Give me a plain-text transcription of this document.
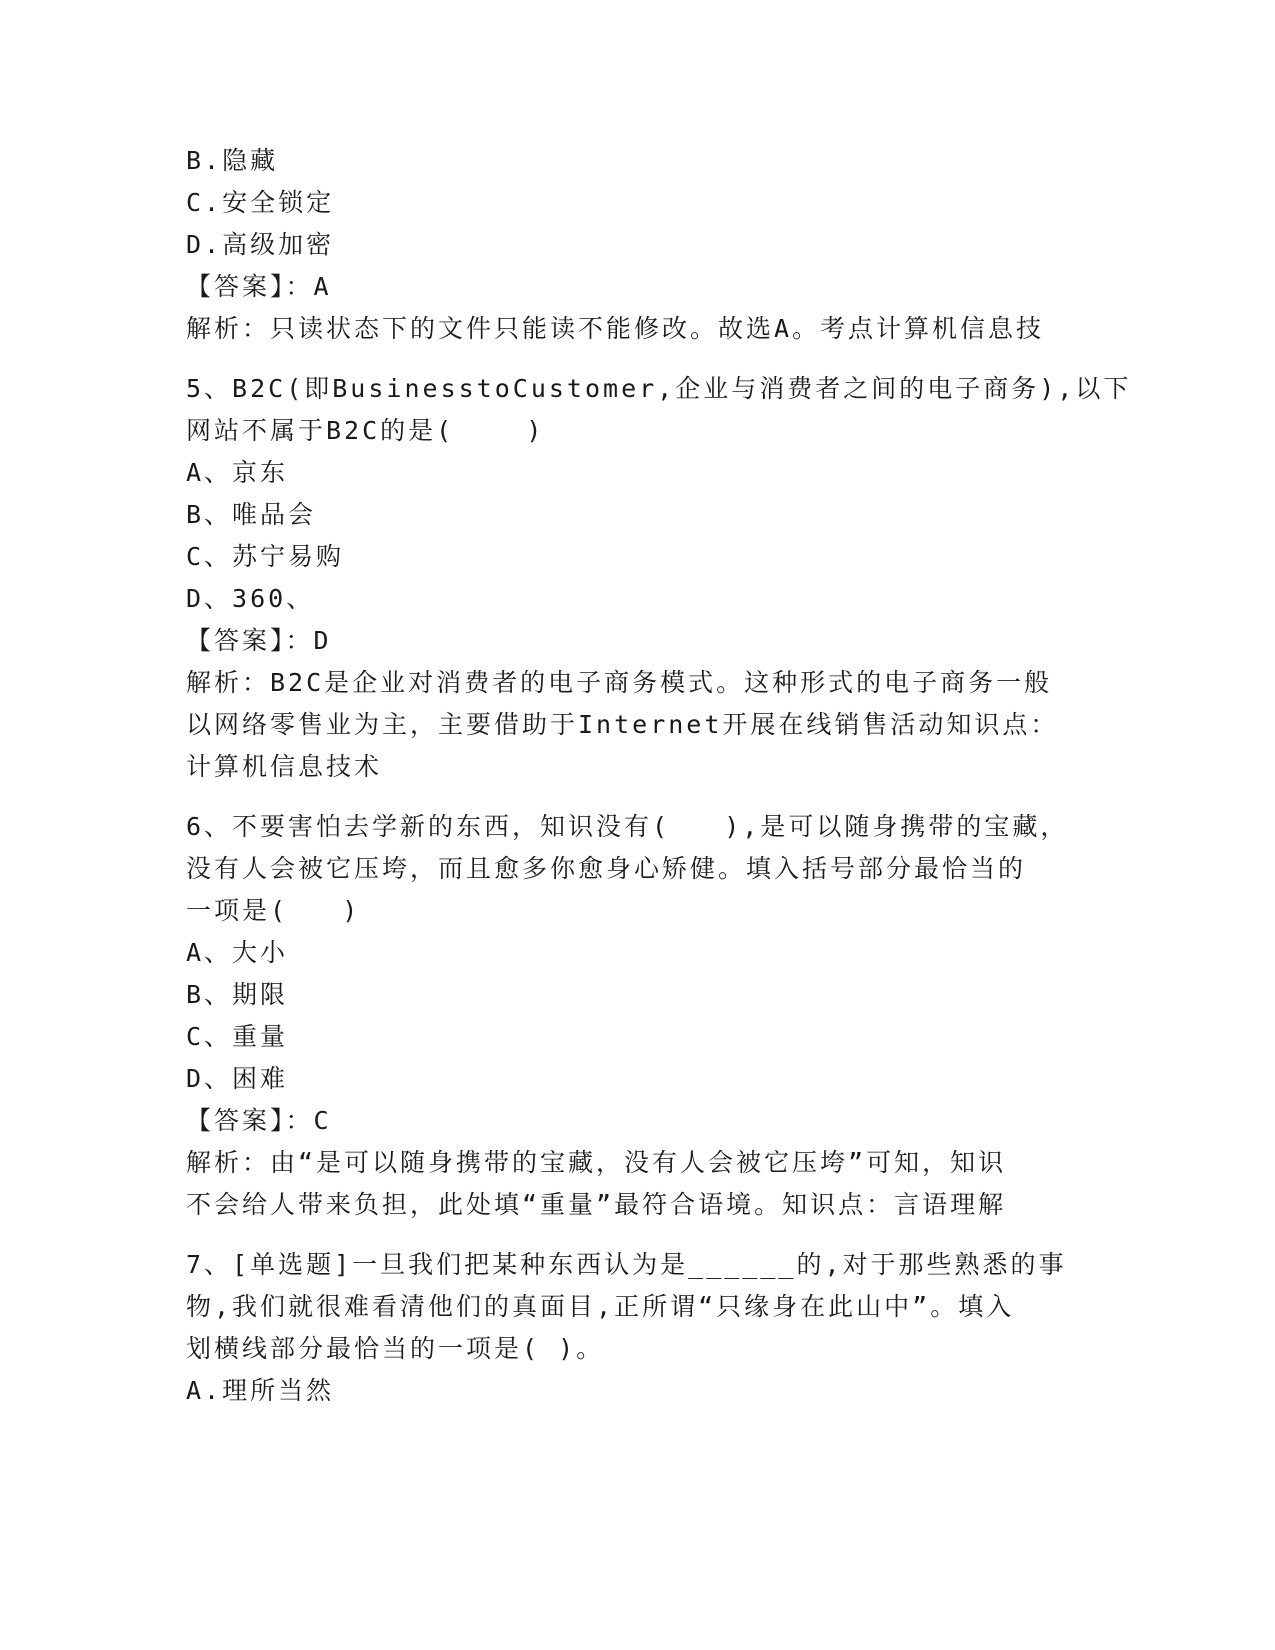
B.隐藏
C.安全锁定
D.高级加密
【答案】：A
解析：只读状态下的文件只能读不能修改。故选A。考点计算机信息技
5、B2C(即BusinesstoCustomer,企业与消费者之间的电子商务),以下
网站不属于B2C的是(    )
A、京东
B、唯品会
C、苏宁易购
D、360、
【答案】：D
解析：B2C是企业对消费者的电子商务模式。这种形式的电子商务一般
以网络零售业为主，主要借助于Internet开展在线销售活动知识点：
计算机信息技术
6、不要害怕去学新的东西，知识没有(   ),是可以随身携带的宝藏，
没有人会被它压垮，而且愈多你愈身心矫健。填入括号部分最恰当的
一项是(   )
A、大小
B、期限
C、重量
D、困难
【答案】：C
解析：由“是可以随身携带的宝藏，没有人会被它压垮”可知，知识
不会给人带来负担，此处填“重量”最符合语境。知识点：言语理解
7、[单选题]一旦我们把某种东西认为是______的,对于那些熟悉的事
物,我们就很难看清他们的真面目,正所谓“只缘身在此山中”。填入
划横线部分最恰当的一项是( )。
A.理所当然
